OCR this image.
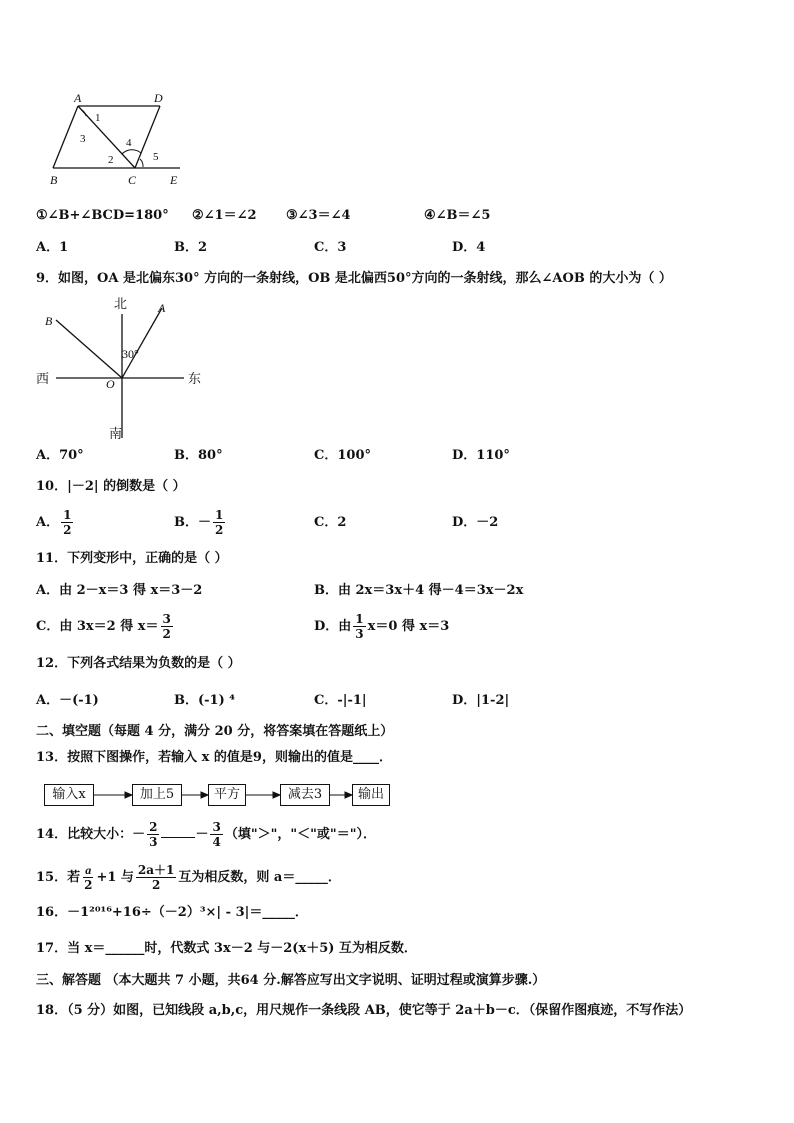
A	D
B	C	E
1
2
3	4
5
①∠B+∠BCD=180° ②∠1＝∠2 ③∠3＝∠4	④∠B＝∠5
A．1	B．2	C．3	D．4
9．如图，OA 是北偏东30° 方向的一条射线，OB 是北偏西50°方向的一条射线，那么∠AOB 的大小为（ ）
北
南
西	东
A
B
O
30°
A．70°	B．80°	C．100°	D．110°
10．|－2| 的倒数是（ ）
A． $\frac{1}{2}$	B．－ $\frac{1}{2}$	C．2	D．－2
11．下列变形中，正确的是（ ）
A．由 2－x＝3 得 x＝3－2	B．由 2x＝3x＋4 得－4＝3x－2x
C．由 3x＝2 得 $x= \frac{3}{2}$	D．由 $\frac{1}{3} x=0$ 得 x＝3
12．下列各式结果为负数的是（ ）
A．－(-1)	B．(-1) ⁴	C．-|-1|	D．|1-2|
二、填空题（每题 4 分，满分 20 分，将答案填在答题纸上）
13．按照下图操作，若输入 x 的值是9，则输出的值是____．
输入x	加上5	平方	减去3	输出
14．比较大小：－ $\frac{2}{3}$	－ $\frac{3}{4}$ （填"＞"，"＜"或"＝"）．
15．若 $\frac{a}{2} +1$ 与 $\frac{2a+1}{2}$ 互为相反数，则 a＝_____．
16．－1²⁰¹⁶+16÷（－2）³×| - 3|＝_____．
17．当 x＝______时，代数式 3x－2 与－2(x＋5) 互为相反数．
三、解答题 （本大题共 7 小题，共64 分.解答应写出文字说明、证明过程或演算步骤.）
18．（5 分）如图，已知线段 a,b,c，用尺规作一条线段 AB，使它等于 2a＋b－c．（保留作图痕迹，不写作法）
